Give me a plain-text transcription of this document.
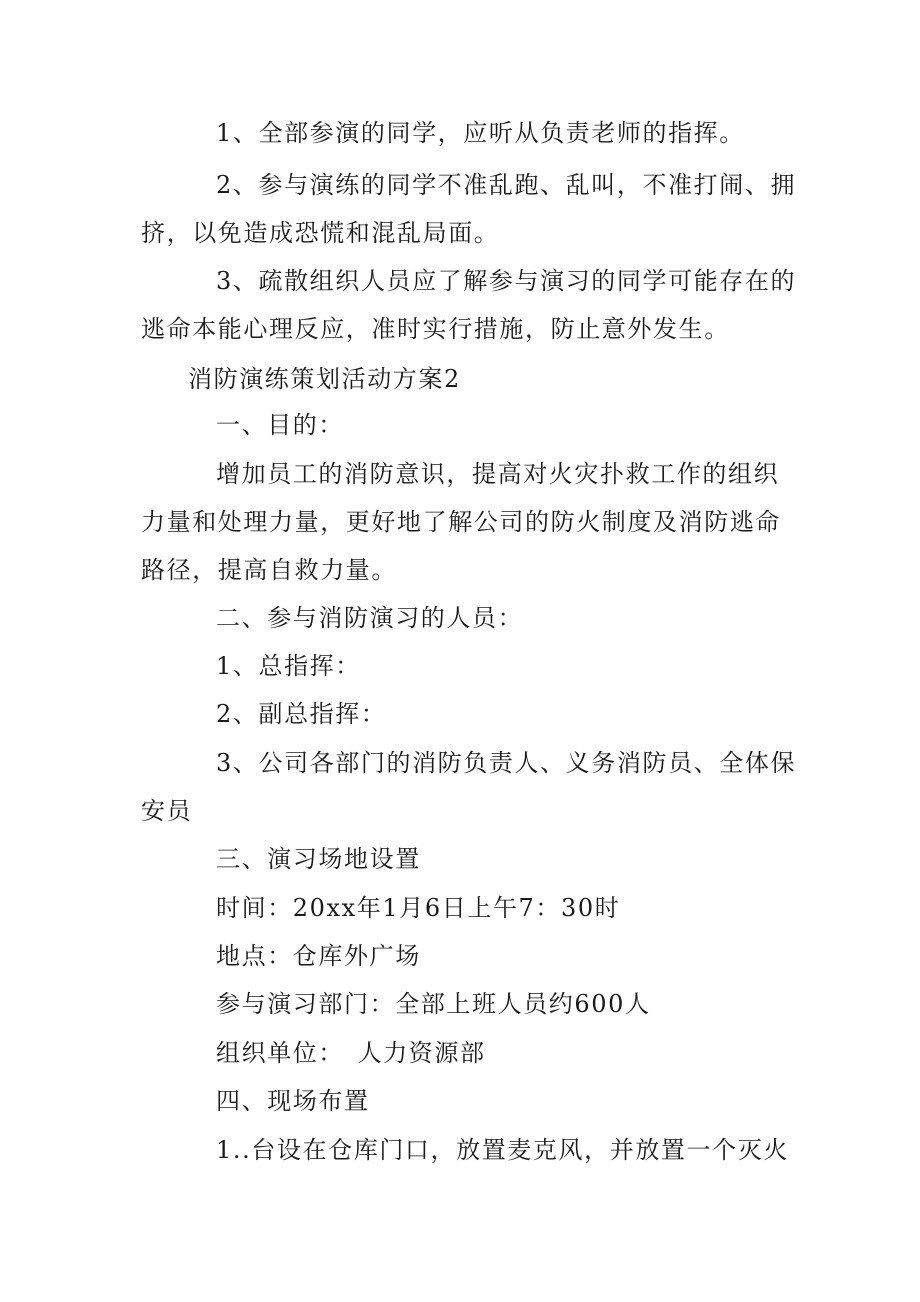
1、全部参演的同学，应听从负责老师的指挥。

2、参与演练的同学不准乱跑、乱叫，不准打闹、拥

挤，以免造成恐慌和混乱局面。

3、疏散组织人员应了解参与演习的同学可能存在的

逃命本能心理反应，准时实行措施，防止意外发生。

消防演练策划活动方案2

一、目的：

增加员工的消防意识，提高对火灾扑救工作的组织

力量和处理力量，更好地了解公司的防火制度及消防逃命

路径，提高自救力量。

二、参与消防演习的人员：

1、总指挥：

2、副总指挥：

3、公司各部门的消防负责人、义务消防员、全体保

安员

三、演习场地设置

时间：20xx年1月6日上午7：30时

地点：仓库外广场

参与演习部门：全部上班人员约600人

组织单位：　人力资源部

四、现场布置

1..台设在仓库门口，放置麦克风，并放置一个灭火
